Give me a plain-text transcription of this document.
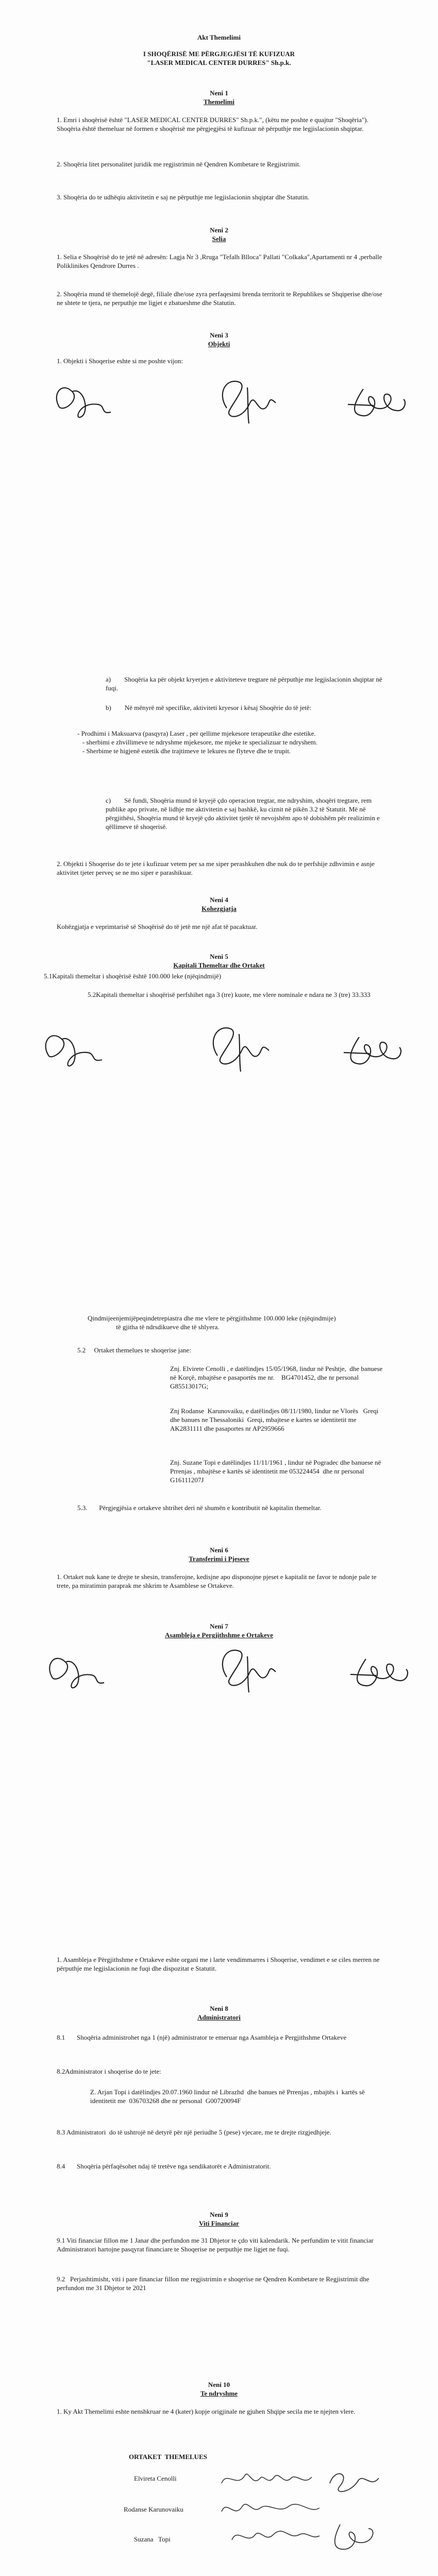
Akt Themelimi
I SHOQËRISË ME PËRGJEGJËSI TË KUFIZUAR
"LASER MEDICAL CENTER DURRES" Sh.p.k.
Neni 1
Themelimi
1. Emri i shoqërisë është "LASER MEDICAL CENTER DURRES" Sh.p.k.", (këtu me poshte e quajtur "Shoqëria"). Shoqëria është themeluar në formen e shoqërisë me përgjegjësi të kufizuar në përputhje me legjislacionin shqiptar.
2. Shoqëria litet personalitet juridik me regjistrimin në Qendren Kombetare te Regjistrimit.
3. Shoqëria do te udhëqiu aktivitetin e saj ne përputhje me legjislacionin shqiptar dhe Statutin.
Neni 2
Selia
1. Selia e Shoqërisë do te jetë në adresën: Lagja Nr 3 ,Rruga "Tefalh Blloca" Pallati "Colkaka",Apartamenti nr 4 ,perballe Poliklinikes Qendrore Durres .
2. Shoqëria mund të themelojë degë, filiale dhe/ose zyra perfaqesimi brenda territorit te Republikes se Shqiperise dhe/ose ne shtete te tjera, ne perputhje me ligjet e zbatueshme dhe Statutin.
Neni 3
Objekti
1. Objekti i Shoqerise eshte si me poshte vijon:
a)        Shoqëria ka për objekt kryerjen e aktiviteteve tregtare në përputhje me legjislacionin shqiptar në fuqi.
b)        Në mënyrë më specifike, aktiviteti kryesor i kësaj Shoqërie do të jetë:
- Prodhimi i Maksuarva (pasqyra) Laser , per qellime mjekesore terapeutike dhe estetike.
- sherbimi e zhvillimeve te ndryshme mjekesore, me mjeke te specializuar te ndryshem.
- Sherbime te higjenë estetik dhe trajtimeve te lekures ne flyteve dhe te trupit.
c)        Së fundi, Shoqëria mund të kryejë çdo operacion tregtar, me ndryshim, shoqëri tregtare, rem publike apo private, në lidhje me aktivitetin e saj bashkë, ku ciznit në pikën 3.2 të Statutit. Më në përgjithësi, Shoqëria mund të kryejë çdo aktivitet tjetër të nevojshëm apo të dobishëm për realizimin e qëllimeve të shoqerisë.
2. Objekti i Shoqerise do te jete i kufizuar vetem per sa me siper perashkuhen dhe nuk do te perfshije zdhvimin e asnje aktivitet tjeter perveç se ne mo siper e parashikuar.
Neni 4
Kohezgjatja
Kohëzgjatja e veprimtarisë së Shoqërisë do të jetë me një afat të pacaktuar.
Neni 5
Kapitali Themeltar dhe Ortaket
5.1Kapitali themeltar i shoqërisë është 100.000 leke (njëqindmijë)
5.2Kapitali themeltar i shoqërisë perfshihet nga 3 (tre) kuote, me vlere nominale e ndara ne 3 (tre) 33.333
Qindmijeenjemijëpeqindetrepiastra dhe me vlere te përgjithshme 100.000 leke (njëqindmije)
të gjitha të ndrsdikueve dhe të shlyera.
5.2     Ortaket themelues te shoqerise jane:
Znj. Elvirete Cenolli , e datëlindjes 15/05/1968, lindur në Peshtje,  dhe banuese në Korçë, mbajtëse e pasaportës me nr.    BG4701452, dhe nr personal G85513017G;
Znj Rodanse  Karunovaiku, e datëlindjes 08/11/1980, lindur ne Vlorës   Greqi dhe banues ne Thessaloniki  Greqi, mbajtese e kartes se identitetit me AK2831111 dhe pasaportes nr AP2959666
Znj. Suzane Topi e datëlindjes 11/11/1961 , lindur në Pogradec dhe banuese në Prrenjas , mbajtëse e kartës së identitetit me 053224454  dhe nr personal  G16111207J
5.3.       Përgjegjësia e ortakeve shtrihet deri në shumën e kontributit në kapitalin themeltar.
Neni 6
Transferimi i Pjeseve
1. Ortaket nuk kane te drejte te shesin, transferojne, kedisjne apo disponojne pjeset e kapitalit ne favor te ndonje pale te trete, pa miratimin paraprak me shkrim te Asamblese se Ortakeve.
Neni 7
Asambleja e Pergjithshme e Ortakeve
1. Asambleja e Përgjithshme e Ortakeve eshte organi me i larte vendimmarres i Shoqerise, vendimet e se ciles merren ne përputhje me legjislacionin ne fuqi dhe dispozitat e Statutit.
Neni 8
Administratori
8.1       Shoqëria administrohet nga 1 (një) administrator te emeruar nga Asambleja e Pergjithshme Ortakeve
8.2Administrator i shoqerise do te jete:
Z. Arjan Topi i datëlindjes 20.07.1960 lindur në Librazhd  dhe banues në Prrenjas , mbajtës i  kartës së identitetit me  036703268 dhe nr personal  G00720094F
8.3 Administratori  do të ushtrojë në detyrë për një periudhe 5 (pese) vjecare, me te drejte rizgjedhjeje.
8.4       Shoqëria përfaqësohet ndaj të tretëve nga sendikatorët e Administratorit.
Neni 9
Viti Financiar
9.1 Viti financiar fillon me 1 Janar dhe perfundon me 31 Dhjetor te çdo viti kalendarik. Ne perfundim te vitit financiar Administratori hartojne pasqyrat financiare te Shoqerise ne perputhje me ligjet ne fuqi.
9.2   Perjashtimisht, viti i pare financiar fillon me regjistrimin e shoqerise ne Qendren Kombetare te Regjistrimit dhe perfundon me 31 Dhjetor te 2021
Neni 10
Te ndryshme
1. Ky Akt Themelimi eshte nenshkruar ne 4 (kater) kopje origjinale ne gjuhen Shqipe secila me te njejten vlere.
ORTAKET  THEMELUES
Elvireta Cenolli
Rodanse Karunovaiku
Suzana   Topi
